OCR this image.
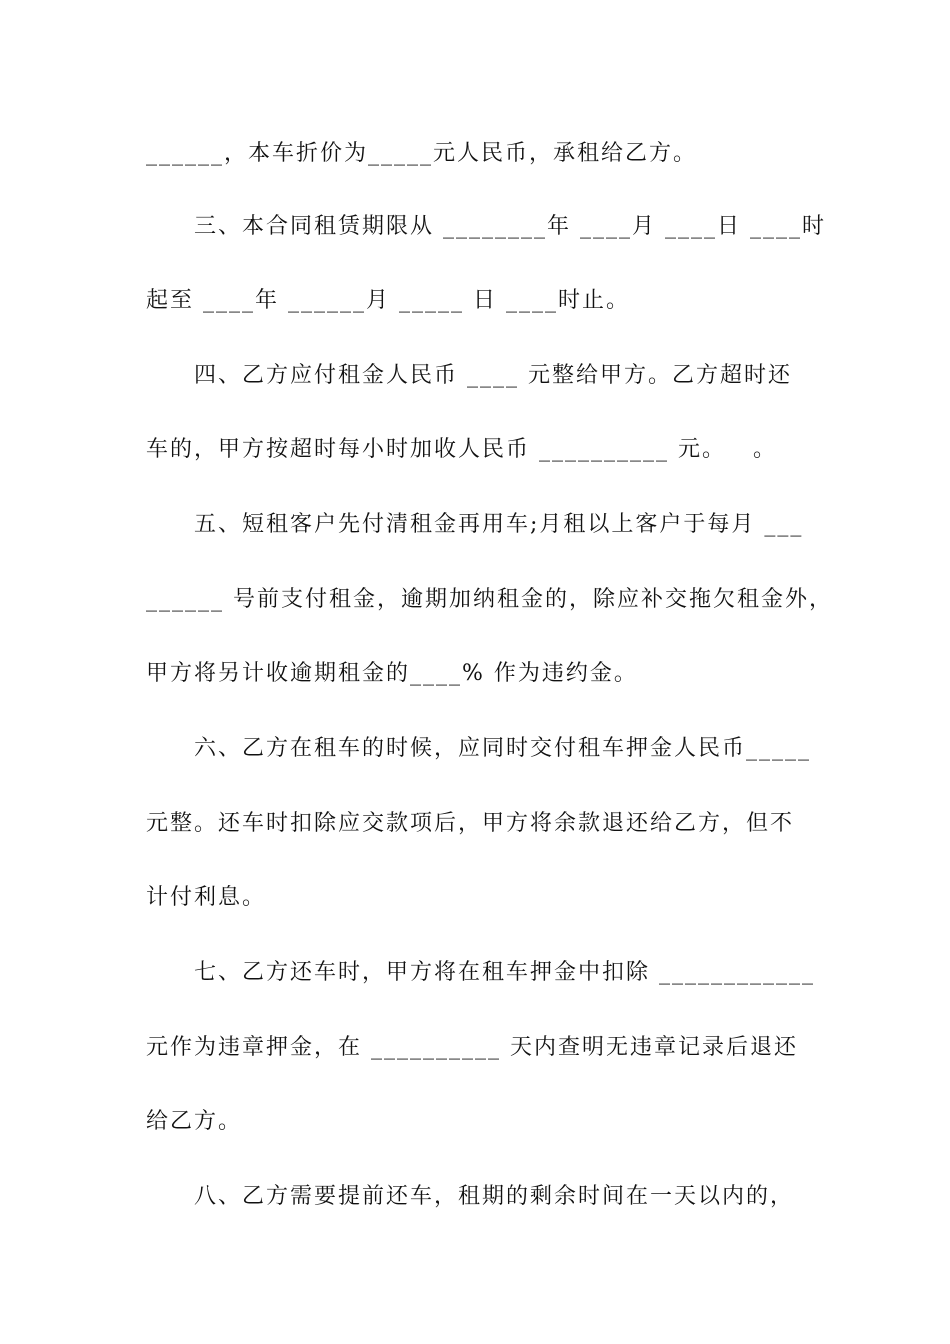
______，本车折价为_____元人民币，承租给乙方。
三、本合同租赁期限从 ________年 ____月 ____日 ____时
起至 ____年 ______月 _____ 日 ____时止。
四、乙方应付租金人民币 ____ 元整给甲方。乙方超时还
车的，甲方按超时每小时加收人民币 __________ 元。   。
五、短租客户先付清租金再用车;月租以上客户于每月 ___
______ 号前支付租金，逾期加纳租金的，除应补交拖欠租金外，
甲方将另计收逾期租金的____% 作为违约金。
六、乙方在租车的时候，应同时交付租车押金人民币_____
元整。还车时扣除应交款项后，甲方将余款退还给乙方，但不
计付利息。
七、乙方还车时，甲方将在租车押金中扣除 ____________
元作为违章押金，在 __________ 天内查明无违章记录后退还
给乙方。
八、乙方需要提前还车，租期的剩余时间在一天以内的，
